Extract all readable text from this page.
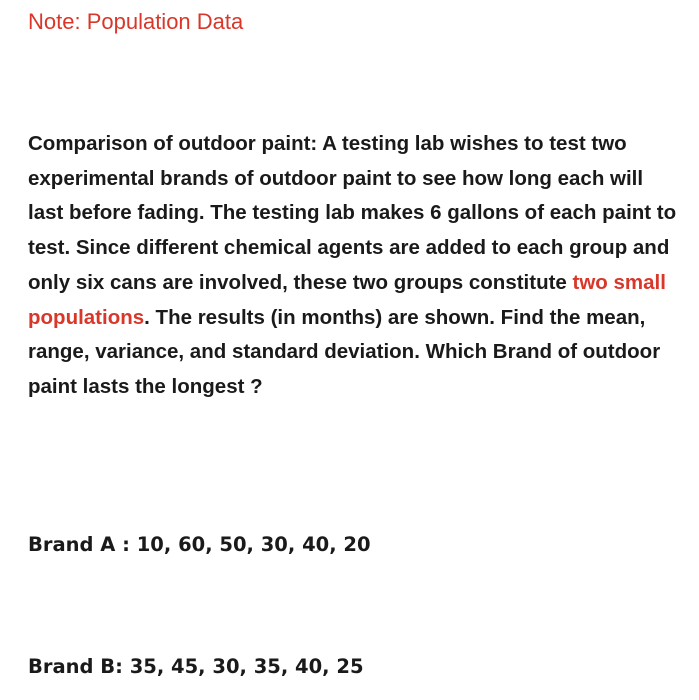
Note: Population Data

Comparison of outdoor paint: A testing lab wishes to test two experimental brands of outdoor paint to see how long each will last before fading. The testing lab makes 6 gallons of each paint to test. Since different chemical agents are added to each group and only six cans are involved, these two groups constitute two small populations. The results (in months) are shown. Find the mean, range, variance, and standard deviation. Which Brand of outdoor paint lasts the longest ?

Brand A : 10, 60, 50, 30, 40, 20
Brand B: 35, 45, 30, 35, 40, 25
